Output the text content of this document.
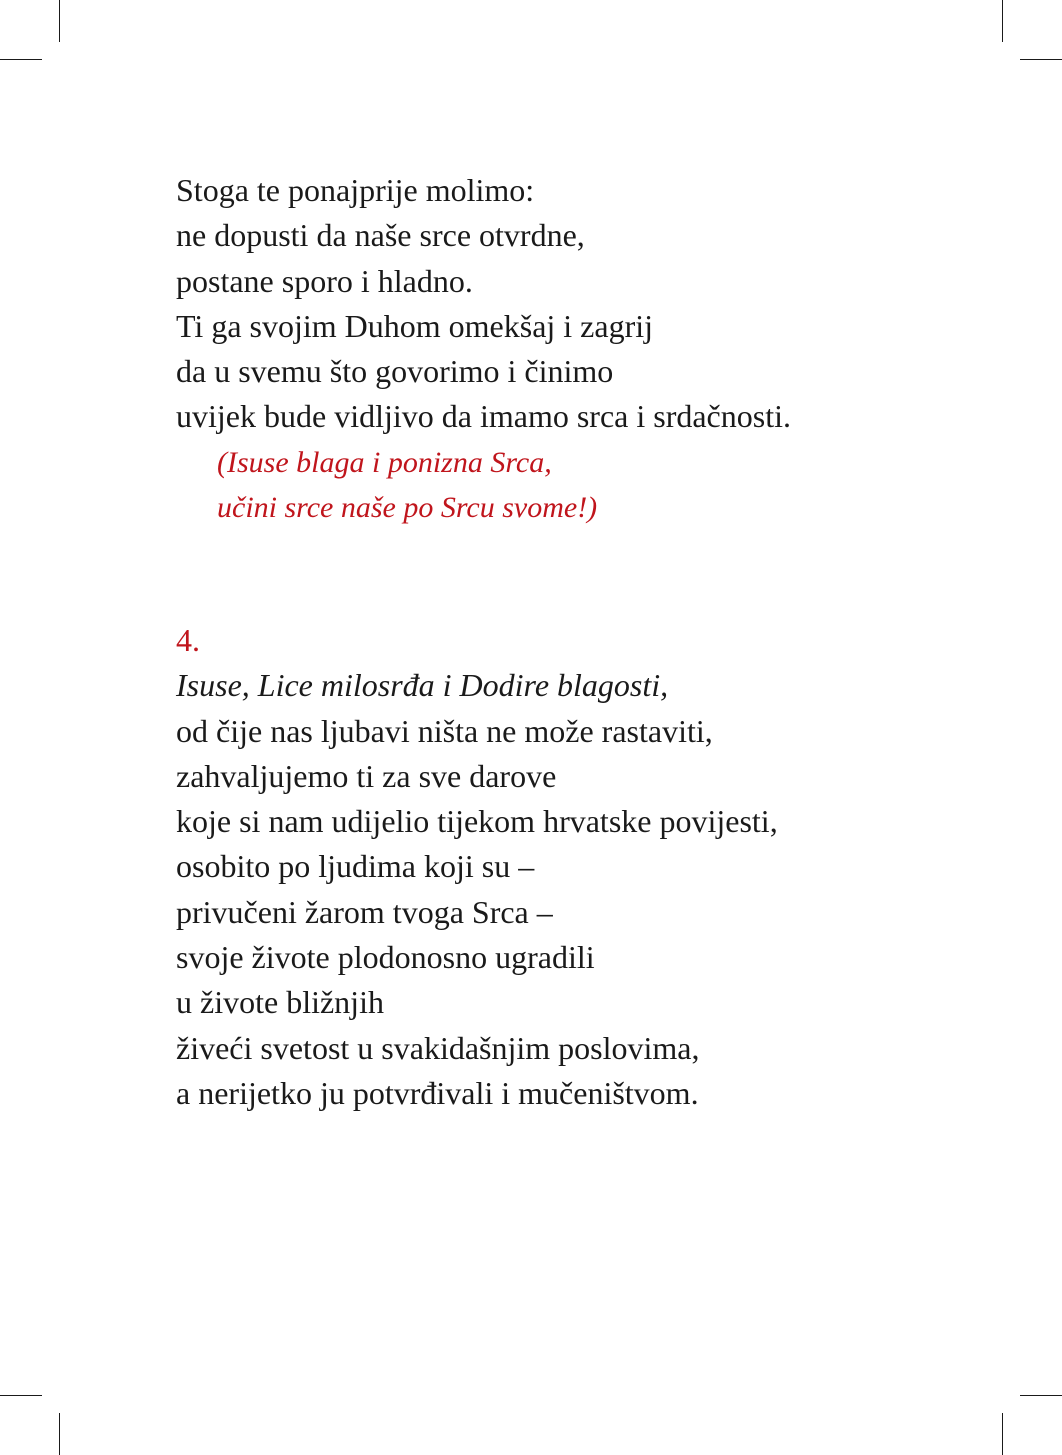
Stoga te ponajprije molimo:
ne dopusti da naše srce otvrdne,
postane sporo i hladno.
Ti ga svojim Duhom omekšaj i zagrij
da u svemu što govorimo i činimo
uvijek bude vidljivo da imamo srca i srdačnosti.
(Isuse blaga i ponizna Srca,
učini srce naše po Srcu svome!)
4.
Isuse, Lice milosrđa i Dodire blagosti,
od čije nas ljubavi ništa ne može rastaviti,
zahvaljujemo ti za sve darove
koje si nam udijelio tijekom hrvatske povijesti,
osobito po ljudima koji su –
privučeni žarom tvoga Srca –
svoje živote plodonosno ugradili
u živote bližnjih
živeći svetost u svakidašnjim poslovima,
a nerijetko ju potvrđivali i mučeništvom.
